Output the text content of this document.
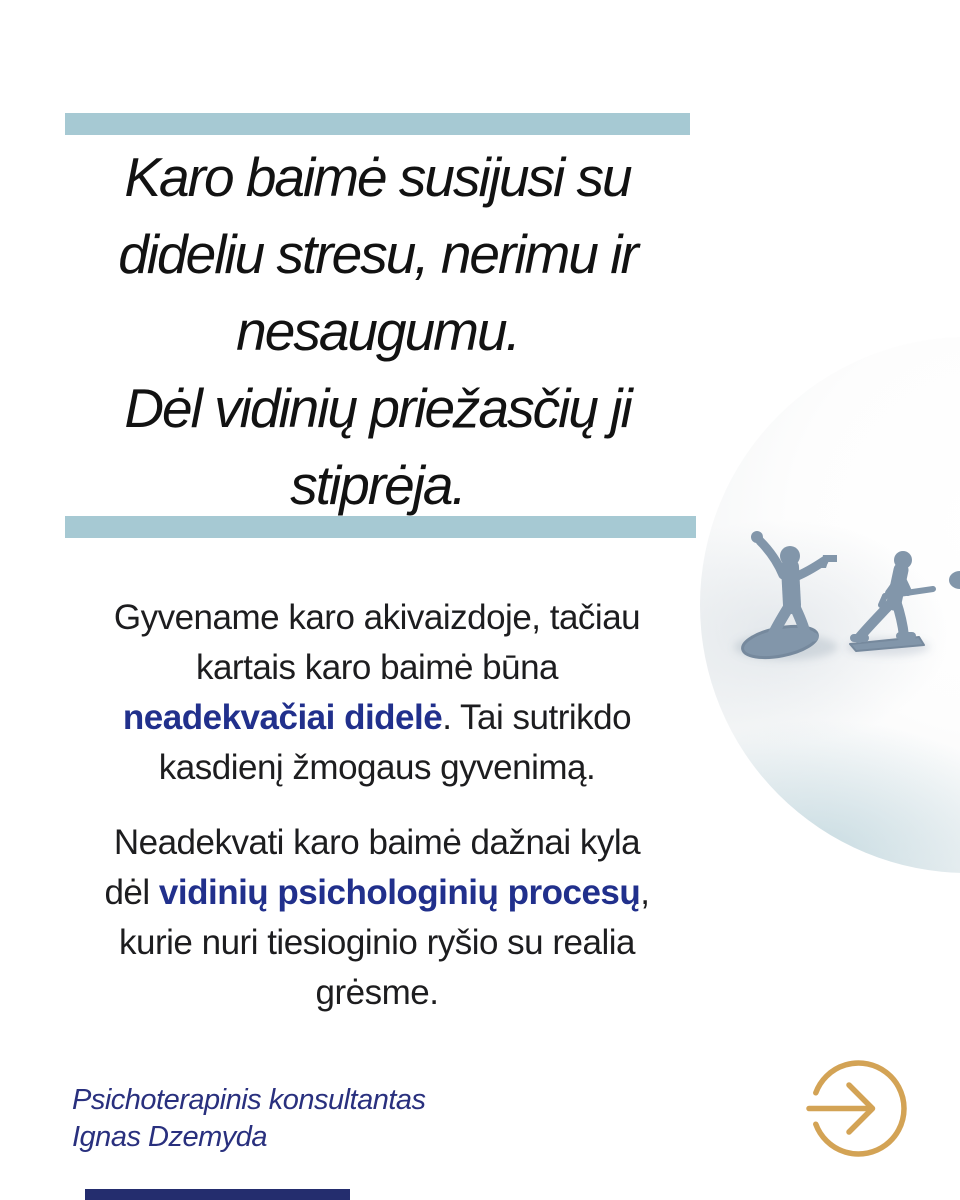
Karo baimė susijusi su
dideliu stresu, nerimu ir
nesaugumu.
Dėl vidinių priežasčių ji
stiprėja.
Gyvename karo akivaizdoje, tačiau
kartais karo baimė būna
neadekvačiai didelė. Tai sutrikdo
kasdienį žmogaus gyvenimą.
Neadekvati karo baimė dažnai kyla
dėl vidinių psichologinių procesų,
kurie nuri tiesioginio ryšio su realia
grėsme.
Psichoterapinis konsultantas
Ignas Dzemyda
